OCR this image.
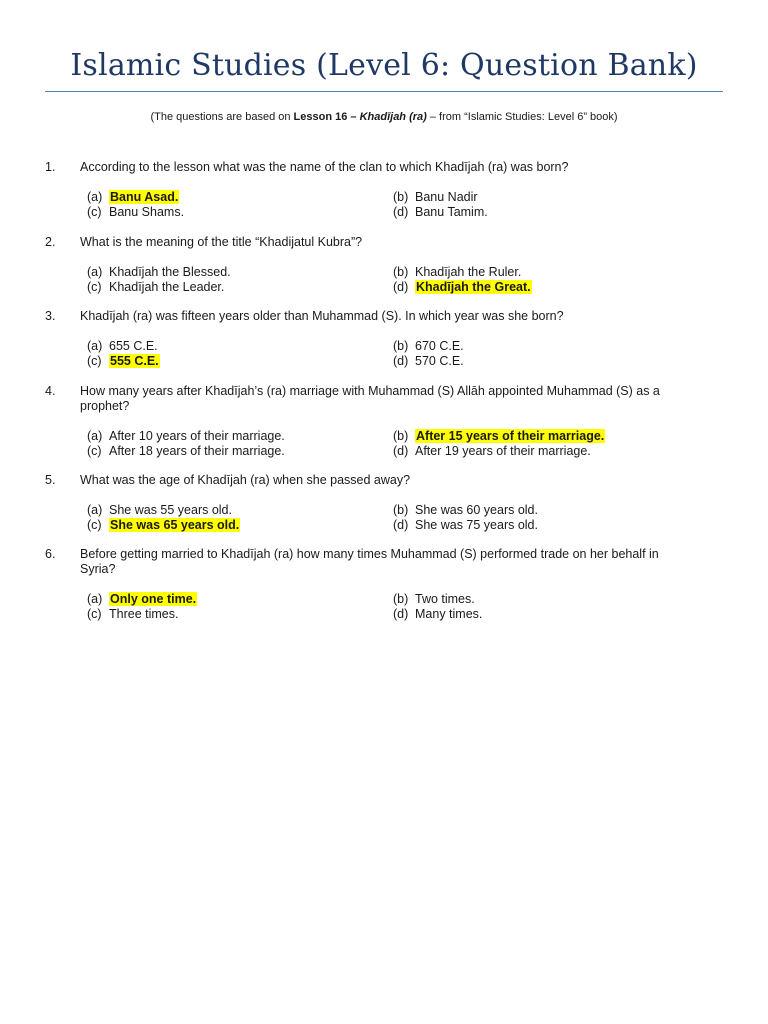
Islamic Studies (Level 6: Question Bank)
(The questions are based on Lesson 16 – Khadījah (ra) – from “Islamic Studies: Level 6” book)
1. According to the lesson what was the name of the clan to which Khadījah (ra) was born?
(a) Banu Asad.	(b) Banu Nadir
(c) Banu Shams.	(d) Banu Tamim.
2. What is the meaning of the title “Khadijatul Kubra”?
(a) Khadījah the Blessed.	(b) Khadījah the Ruler.
(c) Khadījah the Leader.	(d) Khadījah the Great.
3. Khadījah (ra) was fifteen years older than Muhammad (S). In which year was she born?
(a) 655 C.E.	(b) 670 C.E.
(c) 555 C.E.	(d) 570 C.E.
4. How many years after Khadījah’s (ra) marriage with Muhammad (S) Allāh appointed Muhammad (S) as a prophet?
(a) After 10 years of their marriage.	(b) After 15 years of their marriage.
(c) After 18 years of their marriage.	(d) After 19 years of their marriage.
5. What was the age of Khadījah (ra) when she passed away?
(a) She was 55 years old.	(b) She was 60 years old.
(c) She was 65 years old.	(d) She was 75 years old.
6. Before getting married to Khadījah (ra) how many times Muhammad (S) performed trade on her behalf in Syria?
(a) Only one time.	(b) Two times.
(c) Three times.	(d) Many times.
